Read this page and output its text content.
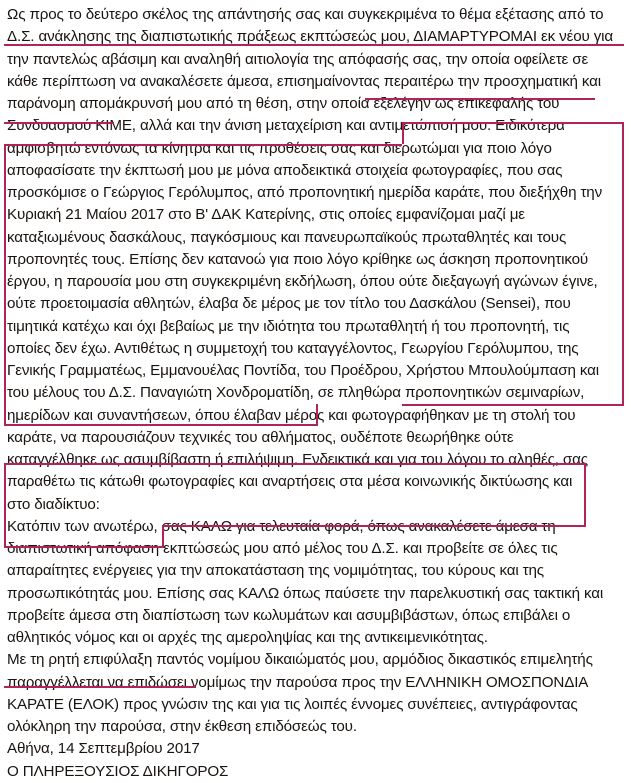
Ως προς το δεύτερο σκέλος της απάντησής σας και συγκεκριμένα το θέμα εξέτασης από το
Δ.Σ. ανάκλησης της διαπιστωτικής πράξεως εκπτώσεώς μου, ΔΙΑΜΑΡΤΥΡΟΜΑΙ εκ νέου για
την παντελώς αβάσιμη και αναληθή αιτιολογία της απόφασής σας, την οποία οφείλετε σε
κάθε περίπτωση να ανακαλέσετε άμεσα, επισημαίνοντας περαιτέρω την προσχηματική και
παράνομη απομάκρυνσή μου από τη θέση, στην οποία εξελέγην ως επικεφαλής του
Συνδυασμού ΚΙΜΕ, αλλά και την άνιση μεταχείριση και αντιμετώπισή μου. Ειδικότερα
αμφισβητώ εντόνως τα κίνητρα και τις προθέσεις σας και διερωτώμαι για ποιο λόγο
αποφασίσατε την έκπτωσή μου με μόνα αποδεικτικά στοιχεία φωτογραφίες, που σας
προσκόμισε ο Γεώργιος Γερόλυμπος, από προπονητική ημερίδα καράτε, που διεξήχθη την
Κυριακή 21 Μαίου 2017 στο Β' ΔΑΚ Κατερίνης, στις οποίες εμφανίζομαι μαζί με
καταξιωμένους δασκάλους, παγκόσμιους και πανευρωπαϊκούς πρωταθλητές και τους
προπονητές τους. Επίσης δεν κατανοώ για ποιο λόγο κρίθηκε ως άσκηση προπονητικού
έργου, η παρουσία μου στη συγκεκριμένη εκδήλωση, όπου ούτε διεξαγωγή αγώνων έγινε,
ούτε προετοιμασία αθλητών, έλαβα δε μέρος με τον τίτλο του Δασκάλου (Sensei), που
τιμητικά κατέχω και όχι βεβαίως με την ιδιότητα του πρωταθλητή ή του προπονητή, τις
οποίες δεν έχω. Αντιθέτως η συμμετοχή του καταγγέλοντος, Γεωργίου Γερόλυμπου, της
Γενικής Γραμματέως, Εμμανουέλας Ποντίδα, του Προέδρου, Χρήστου Μπουλούμπαση και
του μέλους του Δ.Σ. Παναγιώτη Χονδροματίδη, σε πληθώρα προπονητικών σεμιναρίων,
ημερίδων και συναντήσεων, όπου έλαβαν μέρος και φωτογραφήθηκαν με τη στολή του
καράτε, να παρουσιάζουν τεχνικές του αθλήματος, ουδέποτε θεωρήθηκε ούτε
καταγγέλθηκε ως ασυμβίβαστη ή επιλήψιμη. Ενδεικτικά και για του λόγου το αληθές, σας
παραθέτω τις κάτωθι φωτογραφίες και αναρτήσεις στα μέσα κοινωνικής δικτύωσης και
στο διαδίκτυο:
Κατόπιν των ανωτέρω, σας ΚΑΛΩ για τελευταία φορά, όπως ανακαλέσετε άμεσα τη
διαπιστωτική απόφαση εκπτώσεώς μου από μέλος του Δ.Σ. και προβείτε σε όλες τις
απαραίτητες ενέργειες για την αποκατάσταση της νομιμότητας, του κύρους και της
προσωπικότητάς μου. Επίσης σας ΚΑΛΩ όπως παύσετε την παρελκυστική σας τακτική και
προβείτε άμεσα στη διαπίστωση των κωλυμάτων και ασυμβιβάστων, όπως επιβάλει ο
αθλητικός νόμος και οι αρχές της αμεροληψίας και της αντικειμενικότητας.
Με τη ρητή επιφύλαξη παντός νομίμου δικαιώματός μου, αρμόδιος δικαστικός επιμελητής
παραγγέλλεται να επιδώσει νομίμως την παρούσα προς την ΕΛΛΗΝΙΚΗ ΟΜΟΣΠΟΝΔΙΑ
ΚΑΡΑΤΕ (ΕΛΟΚ) προς γνώσιν της και για τις λοιπές έννομες συνέπειες, αντιγράφοντας
ολόκληρη την παρούσα, στην έκθεση επιδόσεώς του.
Αθήνα, 14 Σεπτεμβρίου 2017
Ο ΠΛΗΡΕΞΟΥΣΙΟΣ ΔΙΚΗΓΟΡΟΣ
